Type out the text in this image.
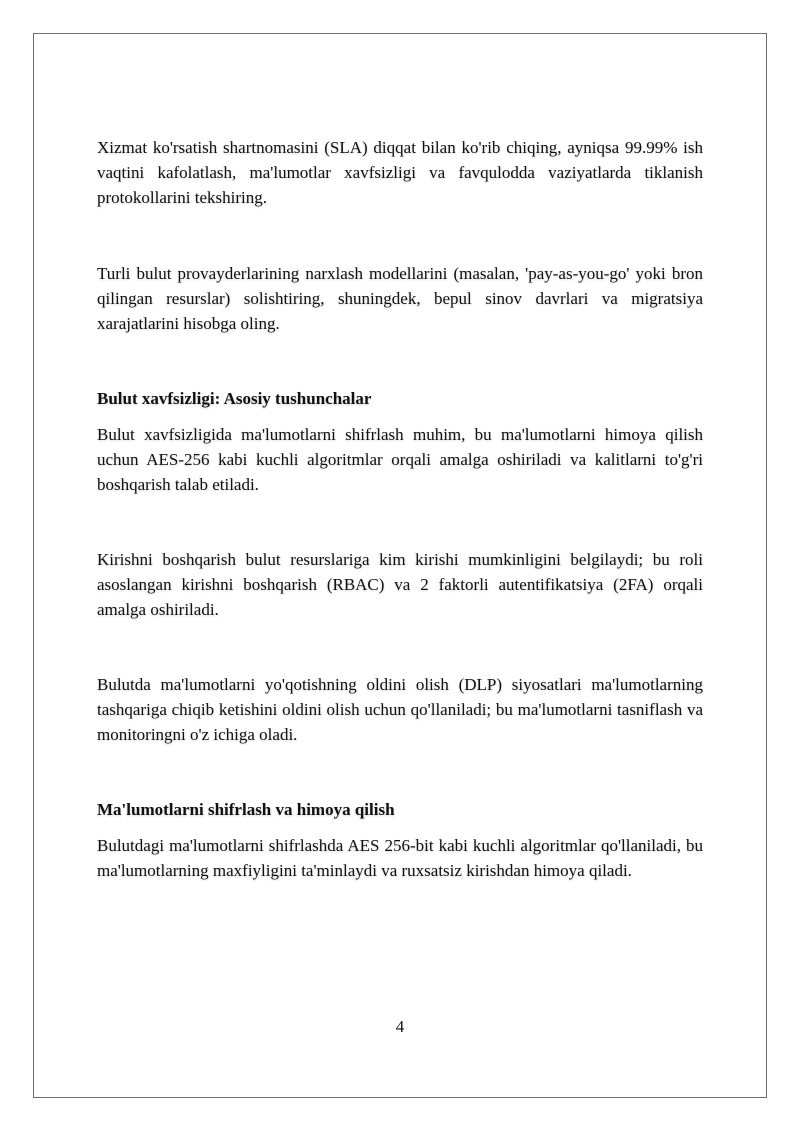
Xizmat ko'rsatish shartnomasini (SLA) diqqat bilan ko'rib chiqing, ayniqsa 99.99% ish vaqtini kafolatlash, ma'lumotlar xavfsizligi va favqulodda vaziyatlarda tiklanish protokollarini tekshiring.

Turli bulut provayderlarining narxlash modellarini (masalan, 'pay-as-you-go' yoki bron qilingan resurslar) solishtiring, shuningdek, bepul sinov davrlari va migratsiya xarajatlarini hisobga oling.

Bulut xavfsizligi: Asosiy tushunchalar

Bulut xavfsizligida ma'lumotlarni shifrlash muhim, bu ma'lumotlarni himoya qilish uchun AES-256 kabi kuchli algoritmlar orqali amalga oshiriladi va kalitlarni to'g'ri boshqarish talab etiladi.

Kirishni boshqarish bulut resurslariga kim kirishi mumkinligini belgilaydi; bu roli asoslangan kirishni boshqarish (RBAC) va 2 faktorli autentifikatsiya (2FA) orqali amalga oshiriladi.

Bulutda ma'lumotlarni yo'qotishning oldini olish (DLP) siyosatlari ma'lumotlarning tashqariga chiqib ketishini oldini olish uchun qo'llaniladi; bu ma'lumotlarni tasniflash va monitoringni o'z ichiga oladi.

Ma'lumotlarni shifrlash va himoya qilish

Bulutdagi ma'lumotlarni shifrlashda AES 256-bit kabi kuchli algoritmlar qo'llaniladi, bu ma'lumotlarning maxfiyligini ta'minlaydi va ruxsatsiz kirishdan himoya qiladi.

4
